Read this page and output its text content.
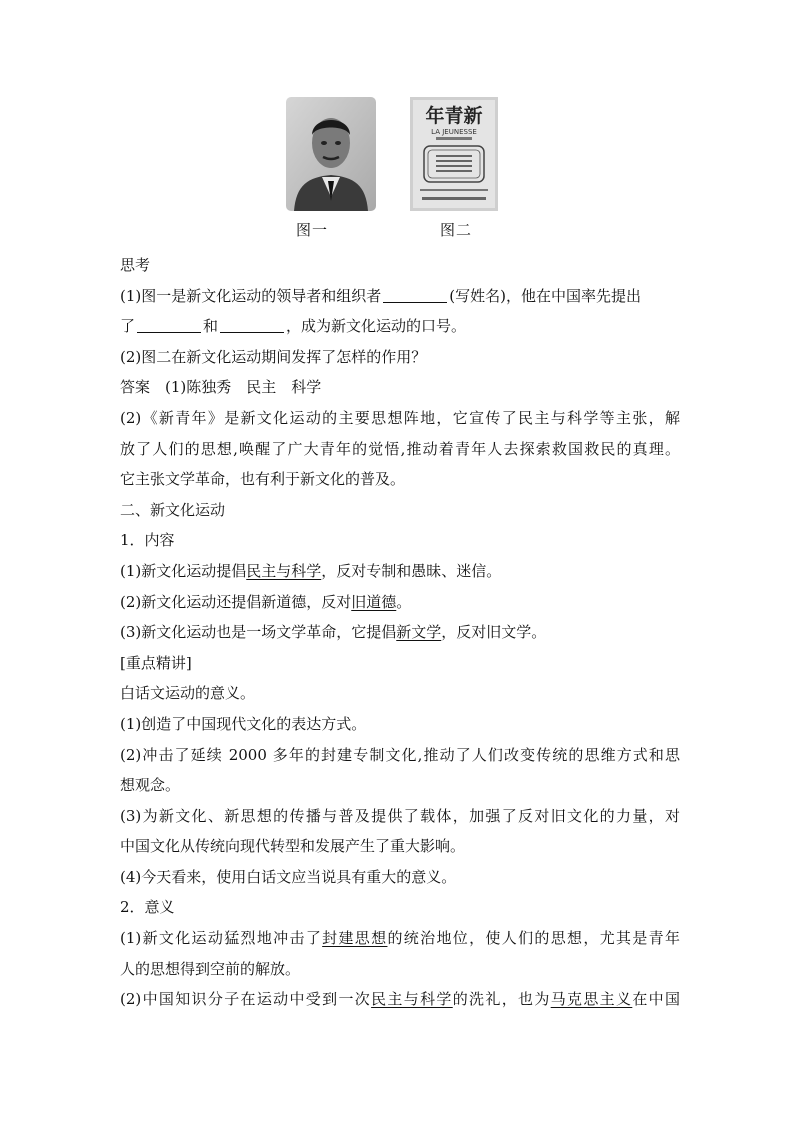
年青新
LA JEUNESSE
图一	图二
思考
(1)图一是新文化运动的领导者和组织者	(写姓名)，他在中国率先提出
了	和	，成为新文化运动的口号。
(2)图二在新文化运动期间发挥了怎样的作用？
答案　(1)陈独秀　民主　科学
(2)《新青年》是新文化运动的主要思想阵地，它宣传了民主与科学等主张，解
放了人们的思想,唤醒了广大青年的觉悟,推动着青年人去探索救国救民的真理。
它主张文学革命，也有利于新文化的普及。
二、新文化运动
1．内容
(1)新文化运动提倡民主与科学，反对专制和愚昧、迷信。
(2)新文化运动还提倡新道德，反对旧道德。
(3)新文化运动也是一场文学革命，它提倡新文学，反对旧文学。
[重点精讲]
白话文运动的意义。
(1)创造了中国现代文化的表达方式。
(2)冲击了延续 2000 多年的封建专制文化,推动了人们改变传统的思维方式和思
想观念。
(3)为新文化、新思想的传播与普及提供了载体，加强了反对旧文化的力量，对
中国文化从传统向现代转型和发展产生了重大影响。
(4)今天看来，使用白话文应当说具有重大的意义。
2．意义
(1)新文化运动猛烈地冲击了封建思想的统治地位，使人们的思想，尤其是青年
人的思想得到空前的解放。
(2)中国知识分子在运动中受到一次民主与科学的洗礼，也为马克思主义在中国
